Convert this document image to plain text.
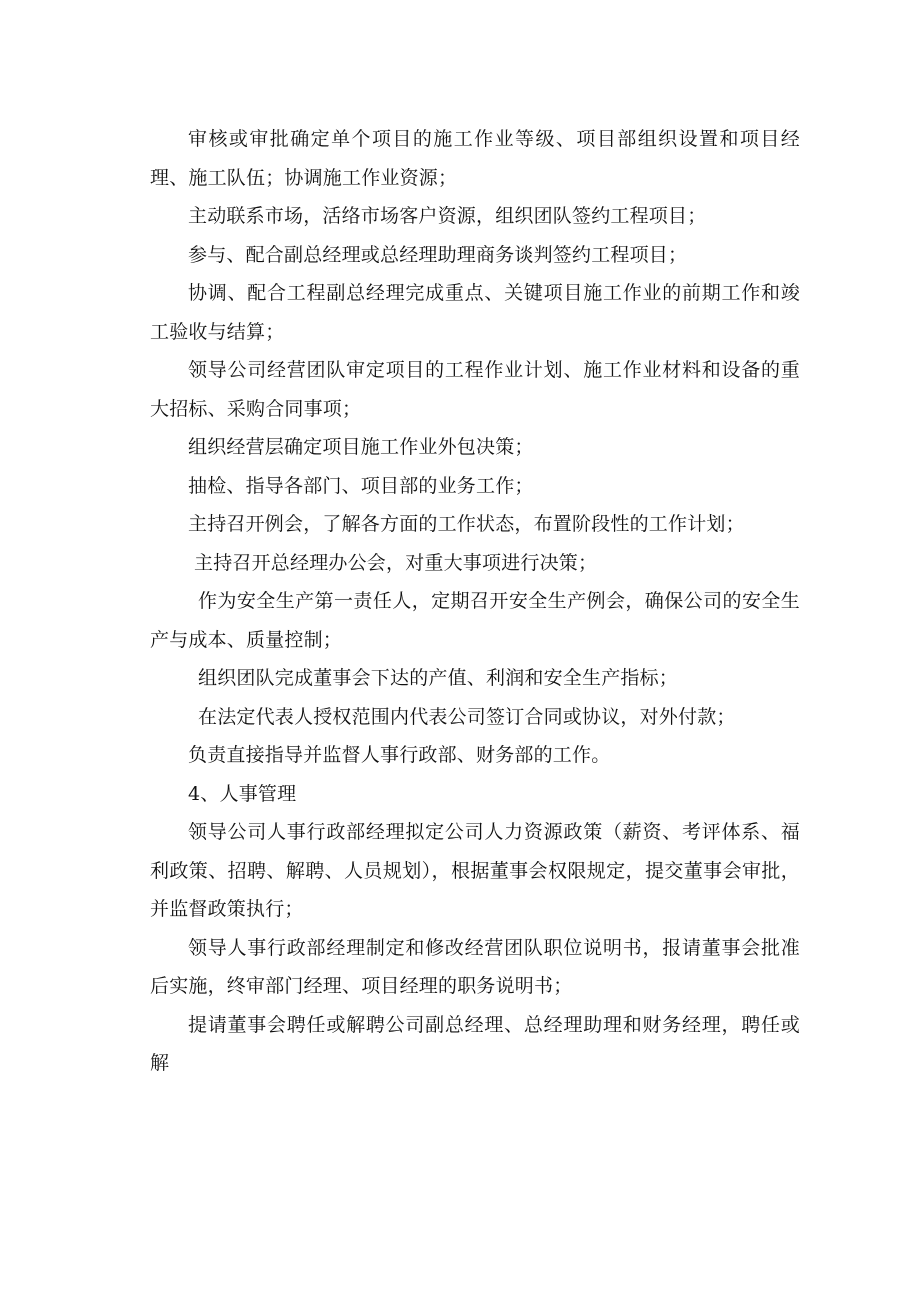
审核或审批确定单个项目的施工作业等级、项目部组织设置和项目经理、施工队伍；协调施工作业资源；

主动联系市场，活络市场客户资源，组织团队签约工程项目；

参与、配合副总经理或总经理助理商务谈判签约工程项目；

协调、配合工程副总经理完成重点、关键项目施工作业的前期工作和竣工验收与结算；

领导公司经营团队审定项目的工程作业计划、施工作业材料和设备的重大招标、采购合同事项；

组织经营层确定项目施工作业外包决策；

抽检、指导各部门、项目部的业务工作；

主持召开例会，了解各方面的工作状态，布置阶段性的工作计划；

主持召开总经理办公会，对重大事项进行决策；

作为安全生产第一责任人，定期召开安全生产例会，确保公司的安全生产与成本、质量控制；

组织团队完成董事会下达的产值、利润和安全生产指标；

在法定代表人授权范围内代表公司签订合同或协议，对外付款；

负责直接指导并监督人事行政部、财务部的工作。

4、人事管理

领导公司人事行政部经理拟定公司人力资源政策（薪资、考评体系、福利政策、招聘、解聘、人员规划），根据董事会权限规定，提交董事会审批，并监督政策执行；

领导人事行政部经理制定和修改经营团队职位说明书，报请董事会批准后实施，终审部门经理、项目经理的职务说明书；

提请董事会聘任或解聘公司副总经理、总经理助理和财务经理，聘任或解
